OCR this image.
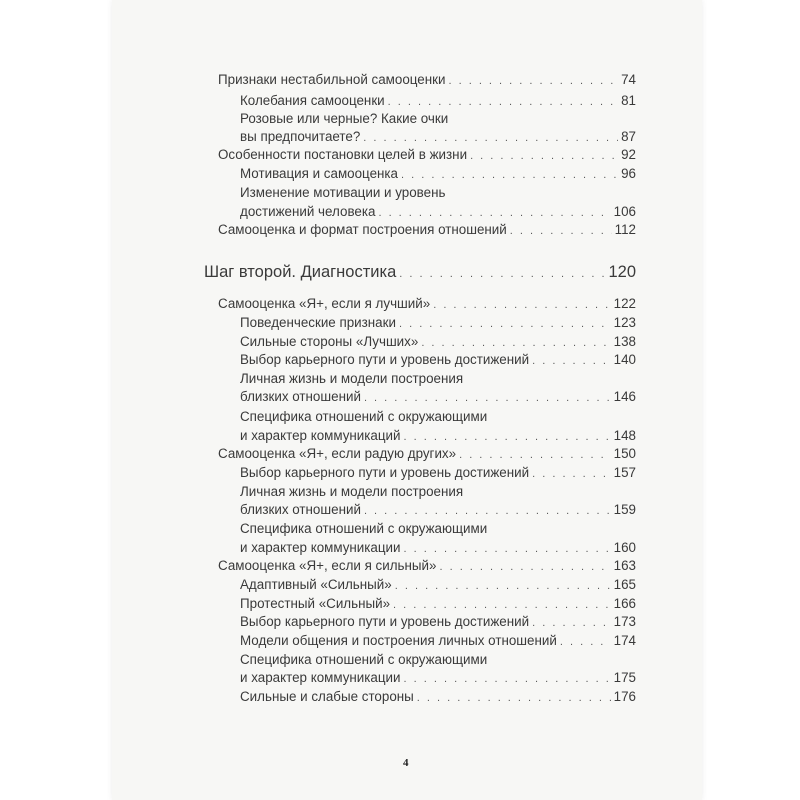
Признаки нестабильной самооценки . . .	74
Колебания самооценки . . .	81
Розовые или черные? Какие очки
вы предпочитаете? . . .	87
Особенности постановки целей в жизни . . .	92
Мотивация и самооценка . . .	96
Изменение мотивации и уровень
достижений человека . . .	106
Самооценка и формат построения отношений . . .	112
Шаг второй. Диагностика . . .	120
Самооценка «Я+, если я лучший» . . .	122
Поведенческие признаки . . .	123
Сильные стороны «Лучших» . . .	138
Выбор карьерного пути и уровень достижений . . .	140
Личная жизнь и модели построения
близких отношений . . .	146
Специфика отношений с окружающими
и характер коммуникаций . . .	148
Самооценка «Я+, если радую других» . . .	150
Выбор карьерного пути и уровень достижений . . .	157
Личная жизнь и модели построения
близких отношений . . .	159
Специфика отношений с окружающими
и характер коммуникации . . .	160
Самооценка «Я+, если я сильный» . . .	163
Адаптивный «Сильный» . . .	165
Протестный «Сильный» . . .	166
Выбор карьерного пути и уровень достижений . . .	173
Модели общения и построения личных отношений . . .	174
Специфика отношений с окружающими
и характер коммуникации . . .	175
Сильные и слабые стороны . . .	176
4
